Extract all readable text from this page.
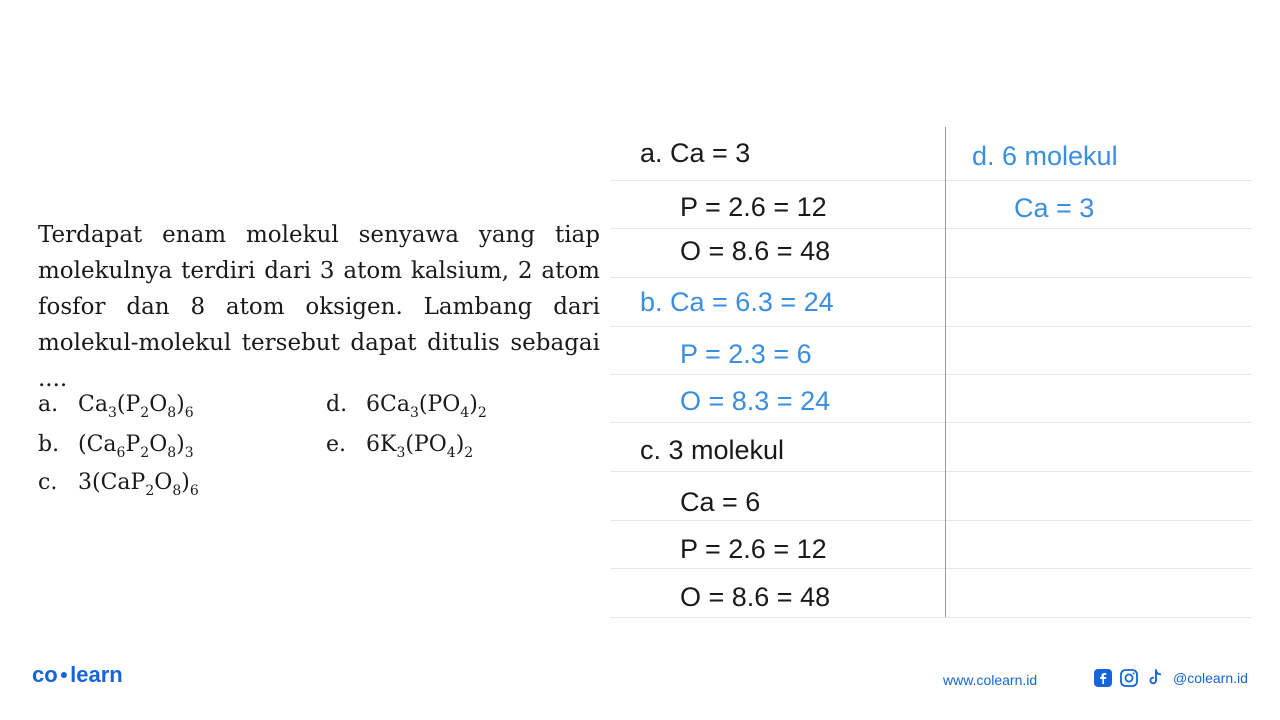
Terdapat enam molekul senyawa yang tiap molekulnya terdiri dari 3 atom kalsium, 2 atom fosfor dan 8 atom oksigen. Lambang dari molekul-molekul tersebut dapat ditulis sebagai ....
a. $Ca_3(P_2O_8)_6$
b. $(Ca_6P_2O_8)_3$
c. $3(CaP_2O_8)_6$
d. $6Ca_3(PO_4)_2$
e. $6K_3(PO_4)_2$
a. Ca = 3
P = 2.6 = 12
O = 8.6 = 48
b. Ca = 6.3 = 24
P = 2.3 = 6
O = 8.3 = 24
c. 3 molekul
Ca = 6
P = 2.6 = 12
O = 8.6 = 48
d. 6 molekul
Ca = 3
co ●learn	www.colearn.id	@colearn.id
